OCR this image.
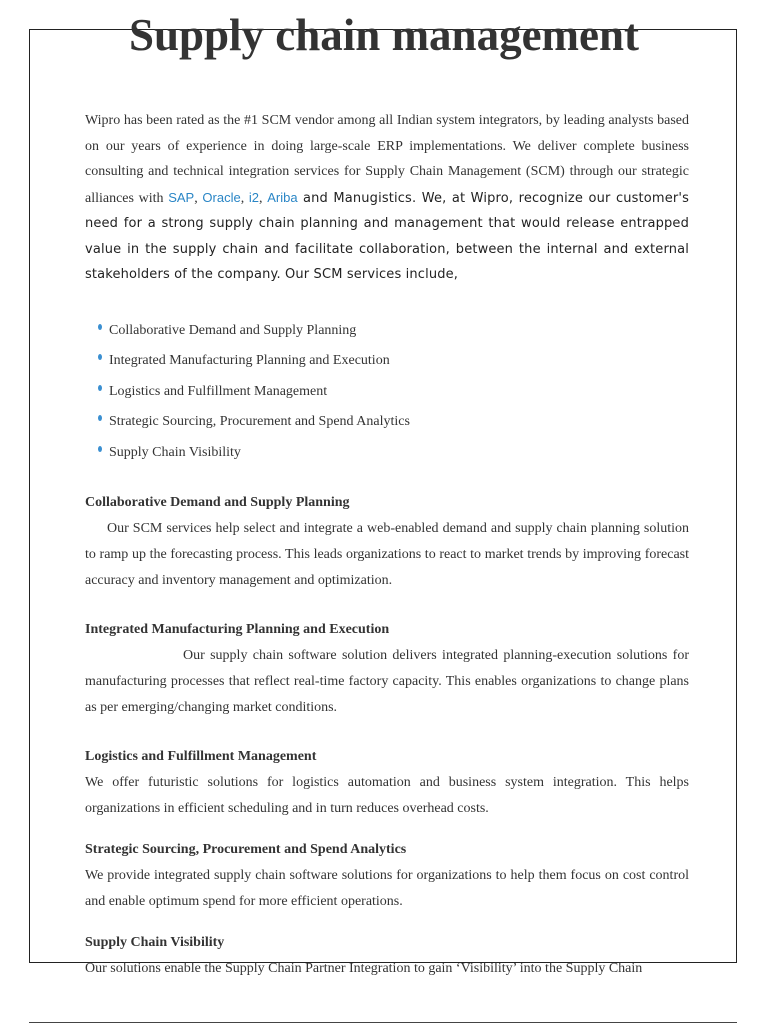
Supply chain management

Wipro has been rated as the #1 SCM vendor among all Indian system integrators, by leading analysts based on our years of experience in doing large-scale ERP implementations. We deliver complete business consulting and technical integration services for Supply Chain Management (SCM) through our strategic alliances with SAP, Oracle, i2, Ariba and Manugistics. We, at Wipro, recognize our customer's need for a strong supply chain planning and management that would release entrapped value in the supply chain and facilitate collaboration, between the internal and external stakeholders of the company. Our SCM services include,

Collaborative Demand and Supply Planning
Integrated Manufacturing Planning and Execution
Logistics and Fulfillment Management
Strategic Sourcing, Procurement and Spend Analytics
Supply Chain Visibility
Collaborative Demand and Supply Planning

Our SCM services help select and integrate a web-enabled demand and supply chain planning solution to ramp up the forecasting process. This leads organizations to react to market trends by improving forecast accuracy and inventory management and optimization.

Integrated Manufacturing Planning and Execution

Our supply chain software solution delivers integrated planning-execution solutions for manufacturing processes that reflect real-time factory capacity. This enables organizations to change plans as per emerging/changing market conditions.

Logistics and Fulfillment Management

We offer futuristic solutions for logistics automation and business system integration. This helps organizations in efficient scheduling and in turn reduces overhead costs.

Strategic Sourcing, Procurement and Spend Analytics

We provide integrated supply chain software solutions for organizations to help them focus on cost control and enable optimum spend for more efficient operations.

Supply Chain Visibility

Our solutions enable the Supply Chain Partner Integration to gain ‘Visibility’ into the Supply Chain
